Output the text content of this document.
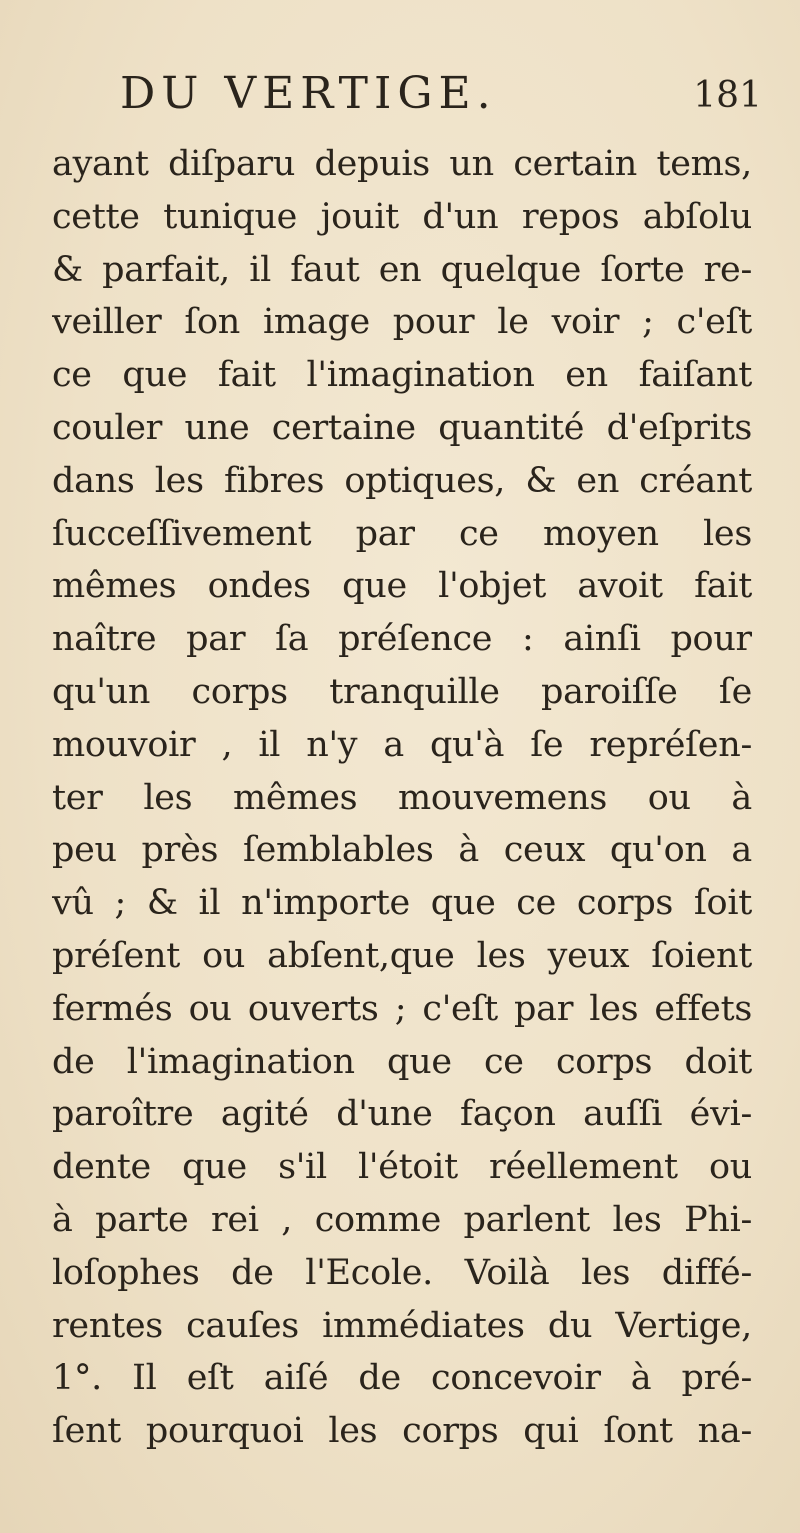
DU VERTIGE.	181
ayant diſparu depuis un certain tems,
cette tunique jouit d'un repos abſolu
& parfait, il faut en quelque ſorte re-
veiller ſon image pour le voir ; c'eſt
ce que fait l'imagination en faiſant
couler une certaine quantité d'eſprits
dans les fibres optiques, & en créant
ſucceſſivement par ce moyen les
mêmes ondes que l'objet avoit fait
naître par ſa préſence : ainſi pour
qu'un corps tranquille paroiſſe ſe
mouvoir , il n'y a qu'à ſe repréſen-
ter les mêmes mouvemens ou à
peu près ſemblables à ceux qu'on a
vû ; & il n'importe que ce corps ſoit
préſent ou abſent,que les yeux ſoient
fermés ou ouverts ; c'eſt par les effets
de l'imagination que ce corps doit
paroître agité d'une façon auſſi évi-
dente que s'il l'étoit réellement ou
à parte rei , comme parlent les Phi-
loſophes de l'Ecole. Voilà les diffé-
rentes cauſes immédiates du Vertige,
1°. Il eſt aiſé de concevoir à pré-
ſent pourquoi les corps qui ſont na-
